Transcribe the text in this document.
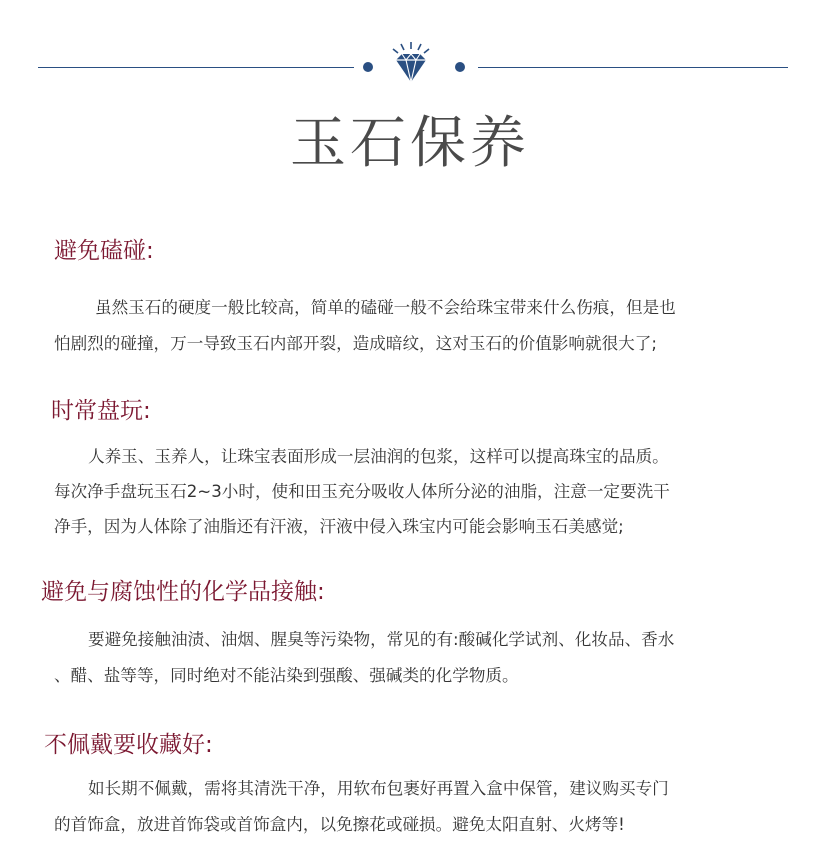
玉石保养
避免磕碰:
虽然玉石的硬度一般比较高，简单的磕碰一般不会给珠宝带来什么伤痕，但是也
怕剧烈的碰撞，万一导致玉石内部开裂，造成暗纹，这对玉石的价值影响就很大了;
时常盘玩:
人养玉、玉养人，让珠宝表面形成一层油润的包浆，这样可以提高珠宝的品质。
每次净手盘玩玉石2~3小时，使和田玉充分吸收人体所分泌的油脂，注意一定要洗干
净手，因为人体除了油脂还有汗液，汗液中侵入珠宝内可能会影响玉石美感觉;
避免与腐蚀性的化学品接触:
要避免接触油渍、油烟、腥臭等污染物，常见的有:酸碱化学试剂、化妆品、香水
、醋、盐等等，同时绝对不能沾染到强酸、强碱类的化学物质。
不佩戴要收藏好:
如长期不佩戴，需将其清洗干净，用软布包裹好再置入盒中保管，建议购买专门
的首饰盒，放进首饰袋或首饰盒内，以免擦花或碰损。避免太阳直射、火烤等!
